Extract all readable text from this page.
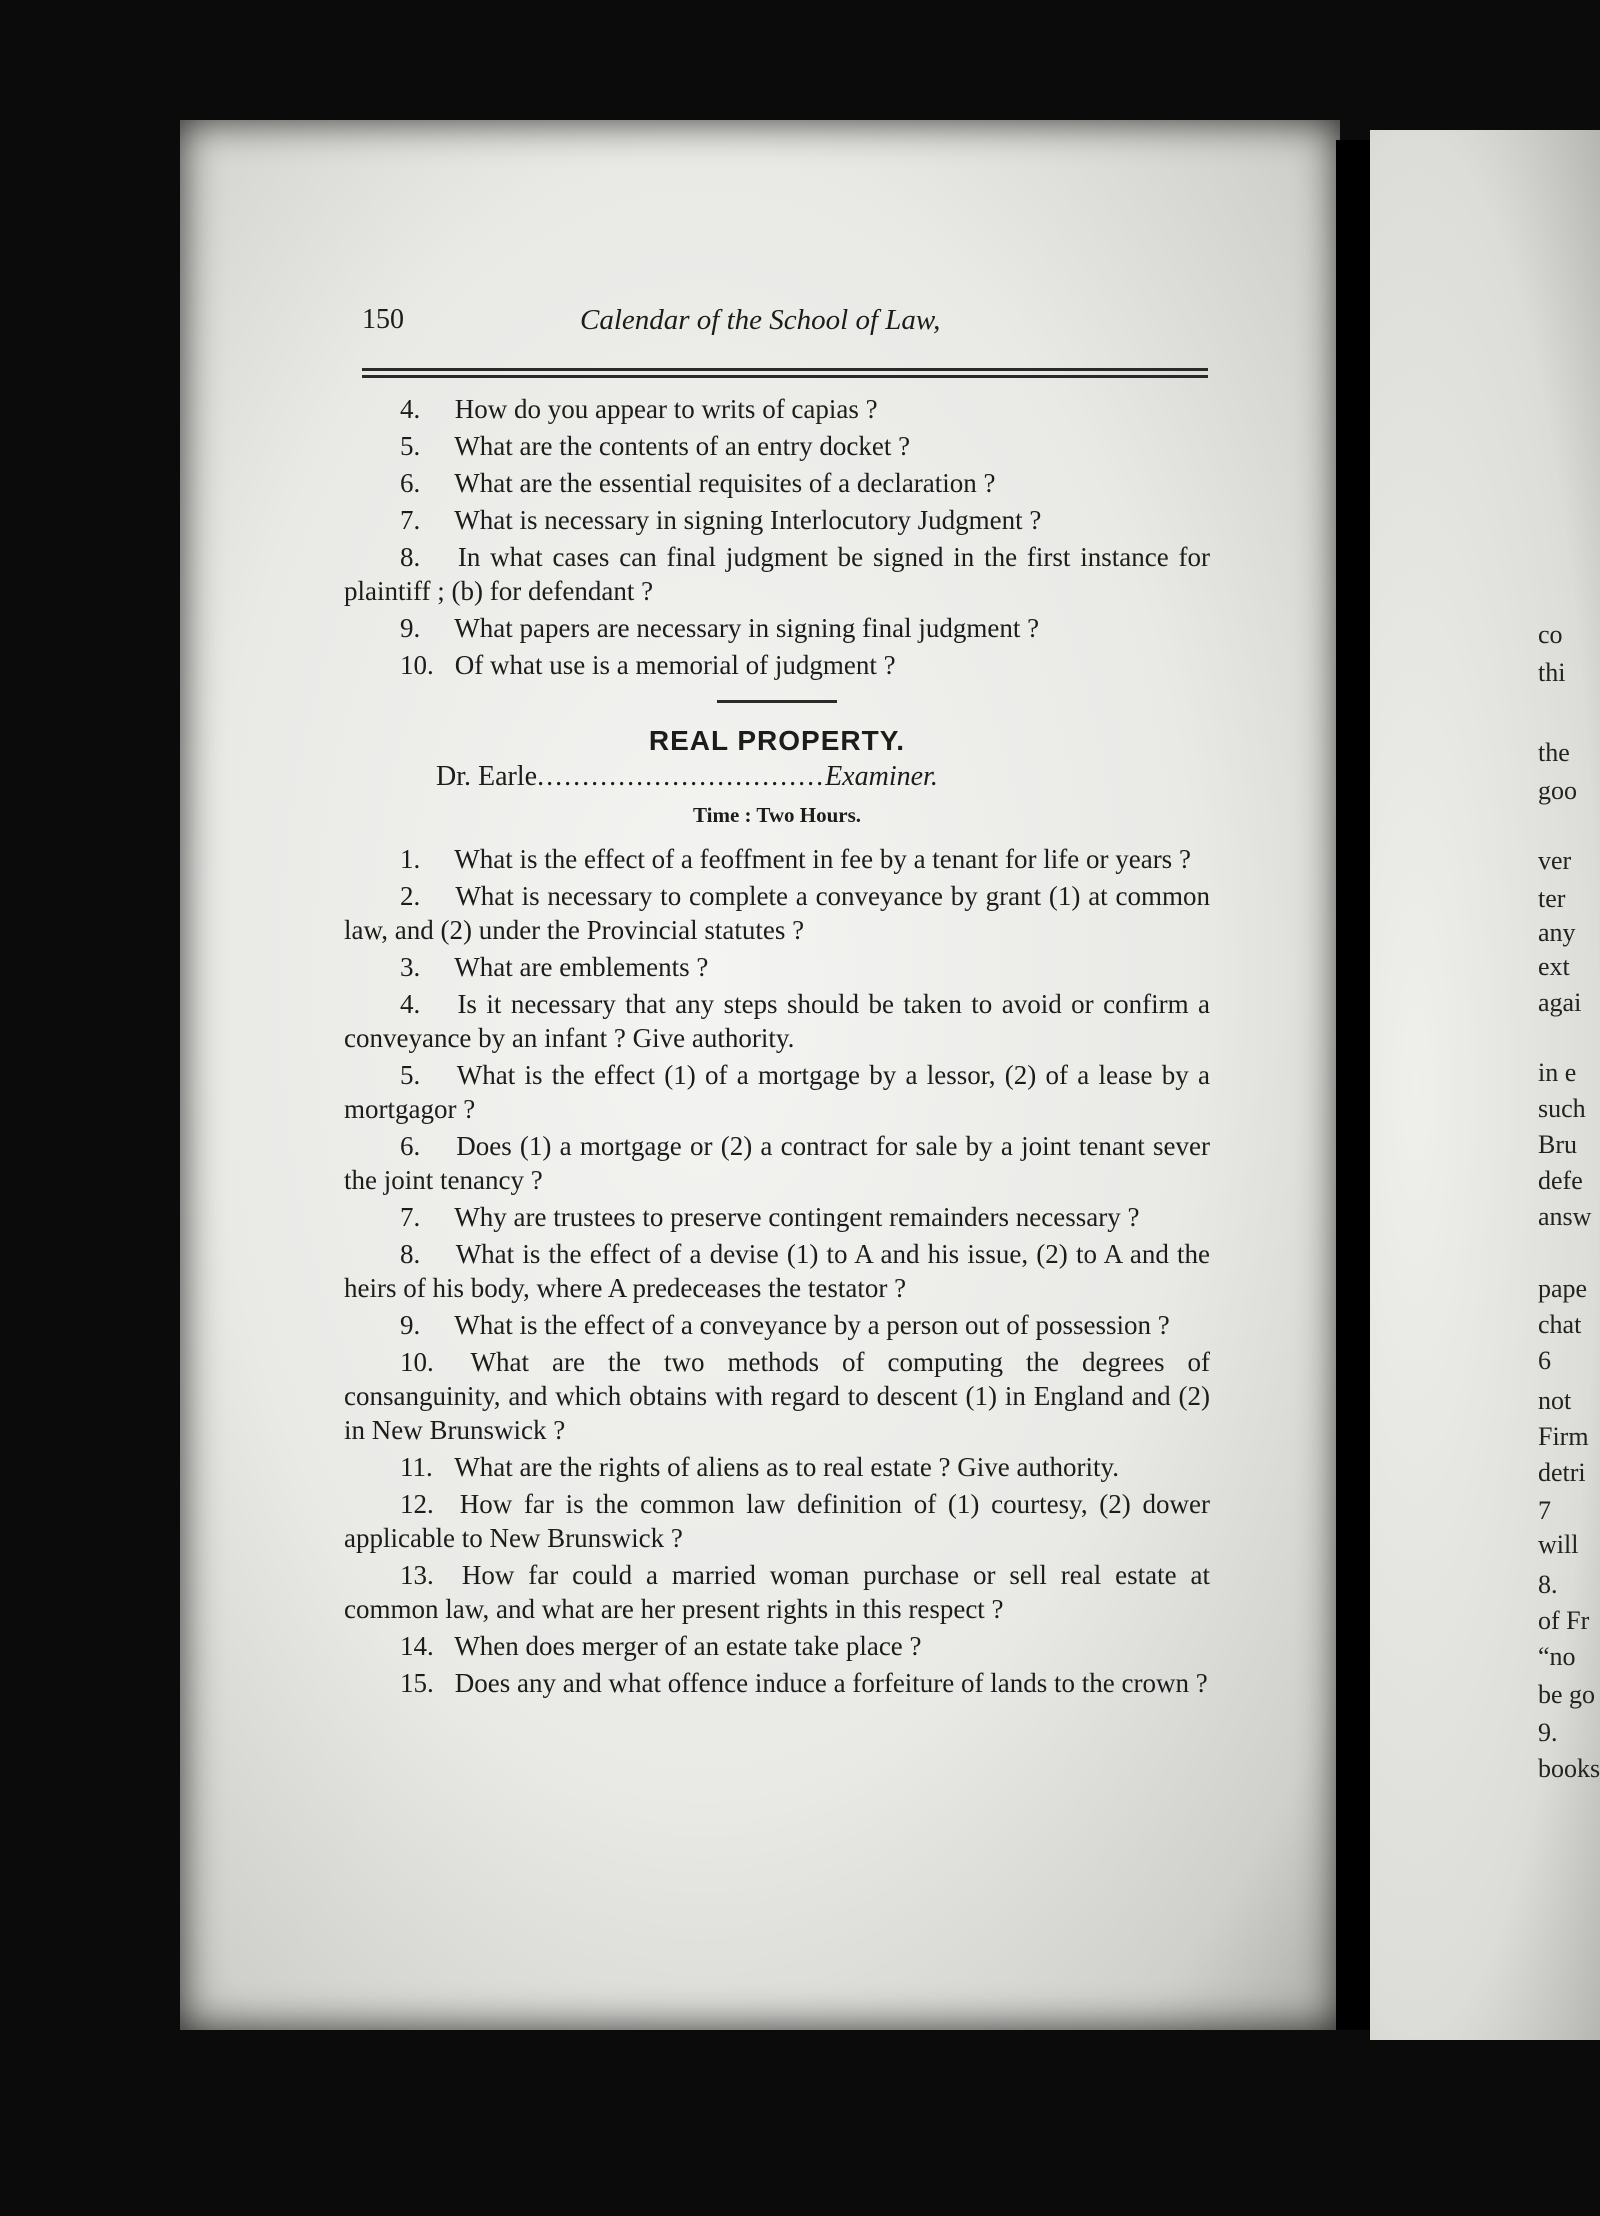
150	Calendar of the School of Law,
4. How do you appear to writs of capias ?
5. What are the contents of an entry docket ?
6. What are the essential requisites of a declaration ?
7. What is necessary in signing Interlocutory Judgment ?
8. In what cases can final judgment be signed in the first instance for plaintiff ; (b) for defendant ?
9. What papers are necessary in signing final judgment ?
10. Of what use is a memorial of judgment ?
REAL PROPERTY.
Dr. Earle................................Examiner.
Time : Two Hours.
1. What is the effect of a feoffment in fee by a tenant for life or years ?
2. What is necessary to complete a conveyance by grant (1) at common law, and (2) under the Provincial statutes ?
3. What are emblements ?
4. Is it necessary that any steps should be taken to avoid or confirm a conveyance by an infant ? Give authority.
5. What is the effect (1) of a mortgage by a lessor, (2) of a lease by a mortgagor ?
6. Does (1) a mortgage or (2) a contract for sale by a joint tenant sever the joint tenancy ?
7. Why are trustees to preserve contingent remainders necessary ?
8. What is the effect of a devise (1) to A and his issue, (2) to A and the heirs of his body, where A predeceases the testator ?
9. What is the effect of a conveyance by a person out of possession ?
10. What are the two methods of computing the degrees of consanguinity, and which obtains with regard to descent (1) in England and (2) in New Brunswick ?
11. What are the rights of aliens as to real estate ? Give authority.
12. How far is the common law definition of (1) courtesy, (2) dower applicable to New Brunswick ?
13. How far could a married woman purchase or sell real estate at common law, and what are her present rights in this respect ?
14. When does merger of an estate take place ?
15. Does any and what offence induce a forfeiture of lands to the crown ?
co
thi
the
goo
ver
ter
any
ext
agai
in e
such
Bru
defe
answ
pape
chat
6
not
Firm
detri
7
will
8.
of Fr
“no
be go
9.
books
